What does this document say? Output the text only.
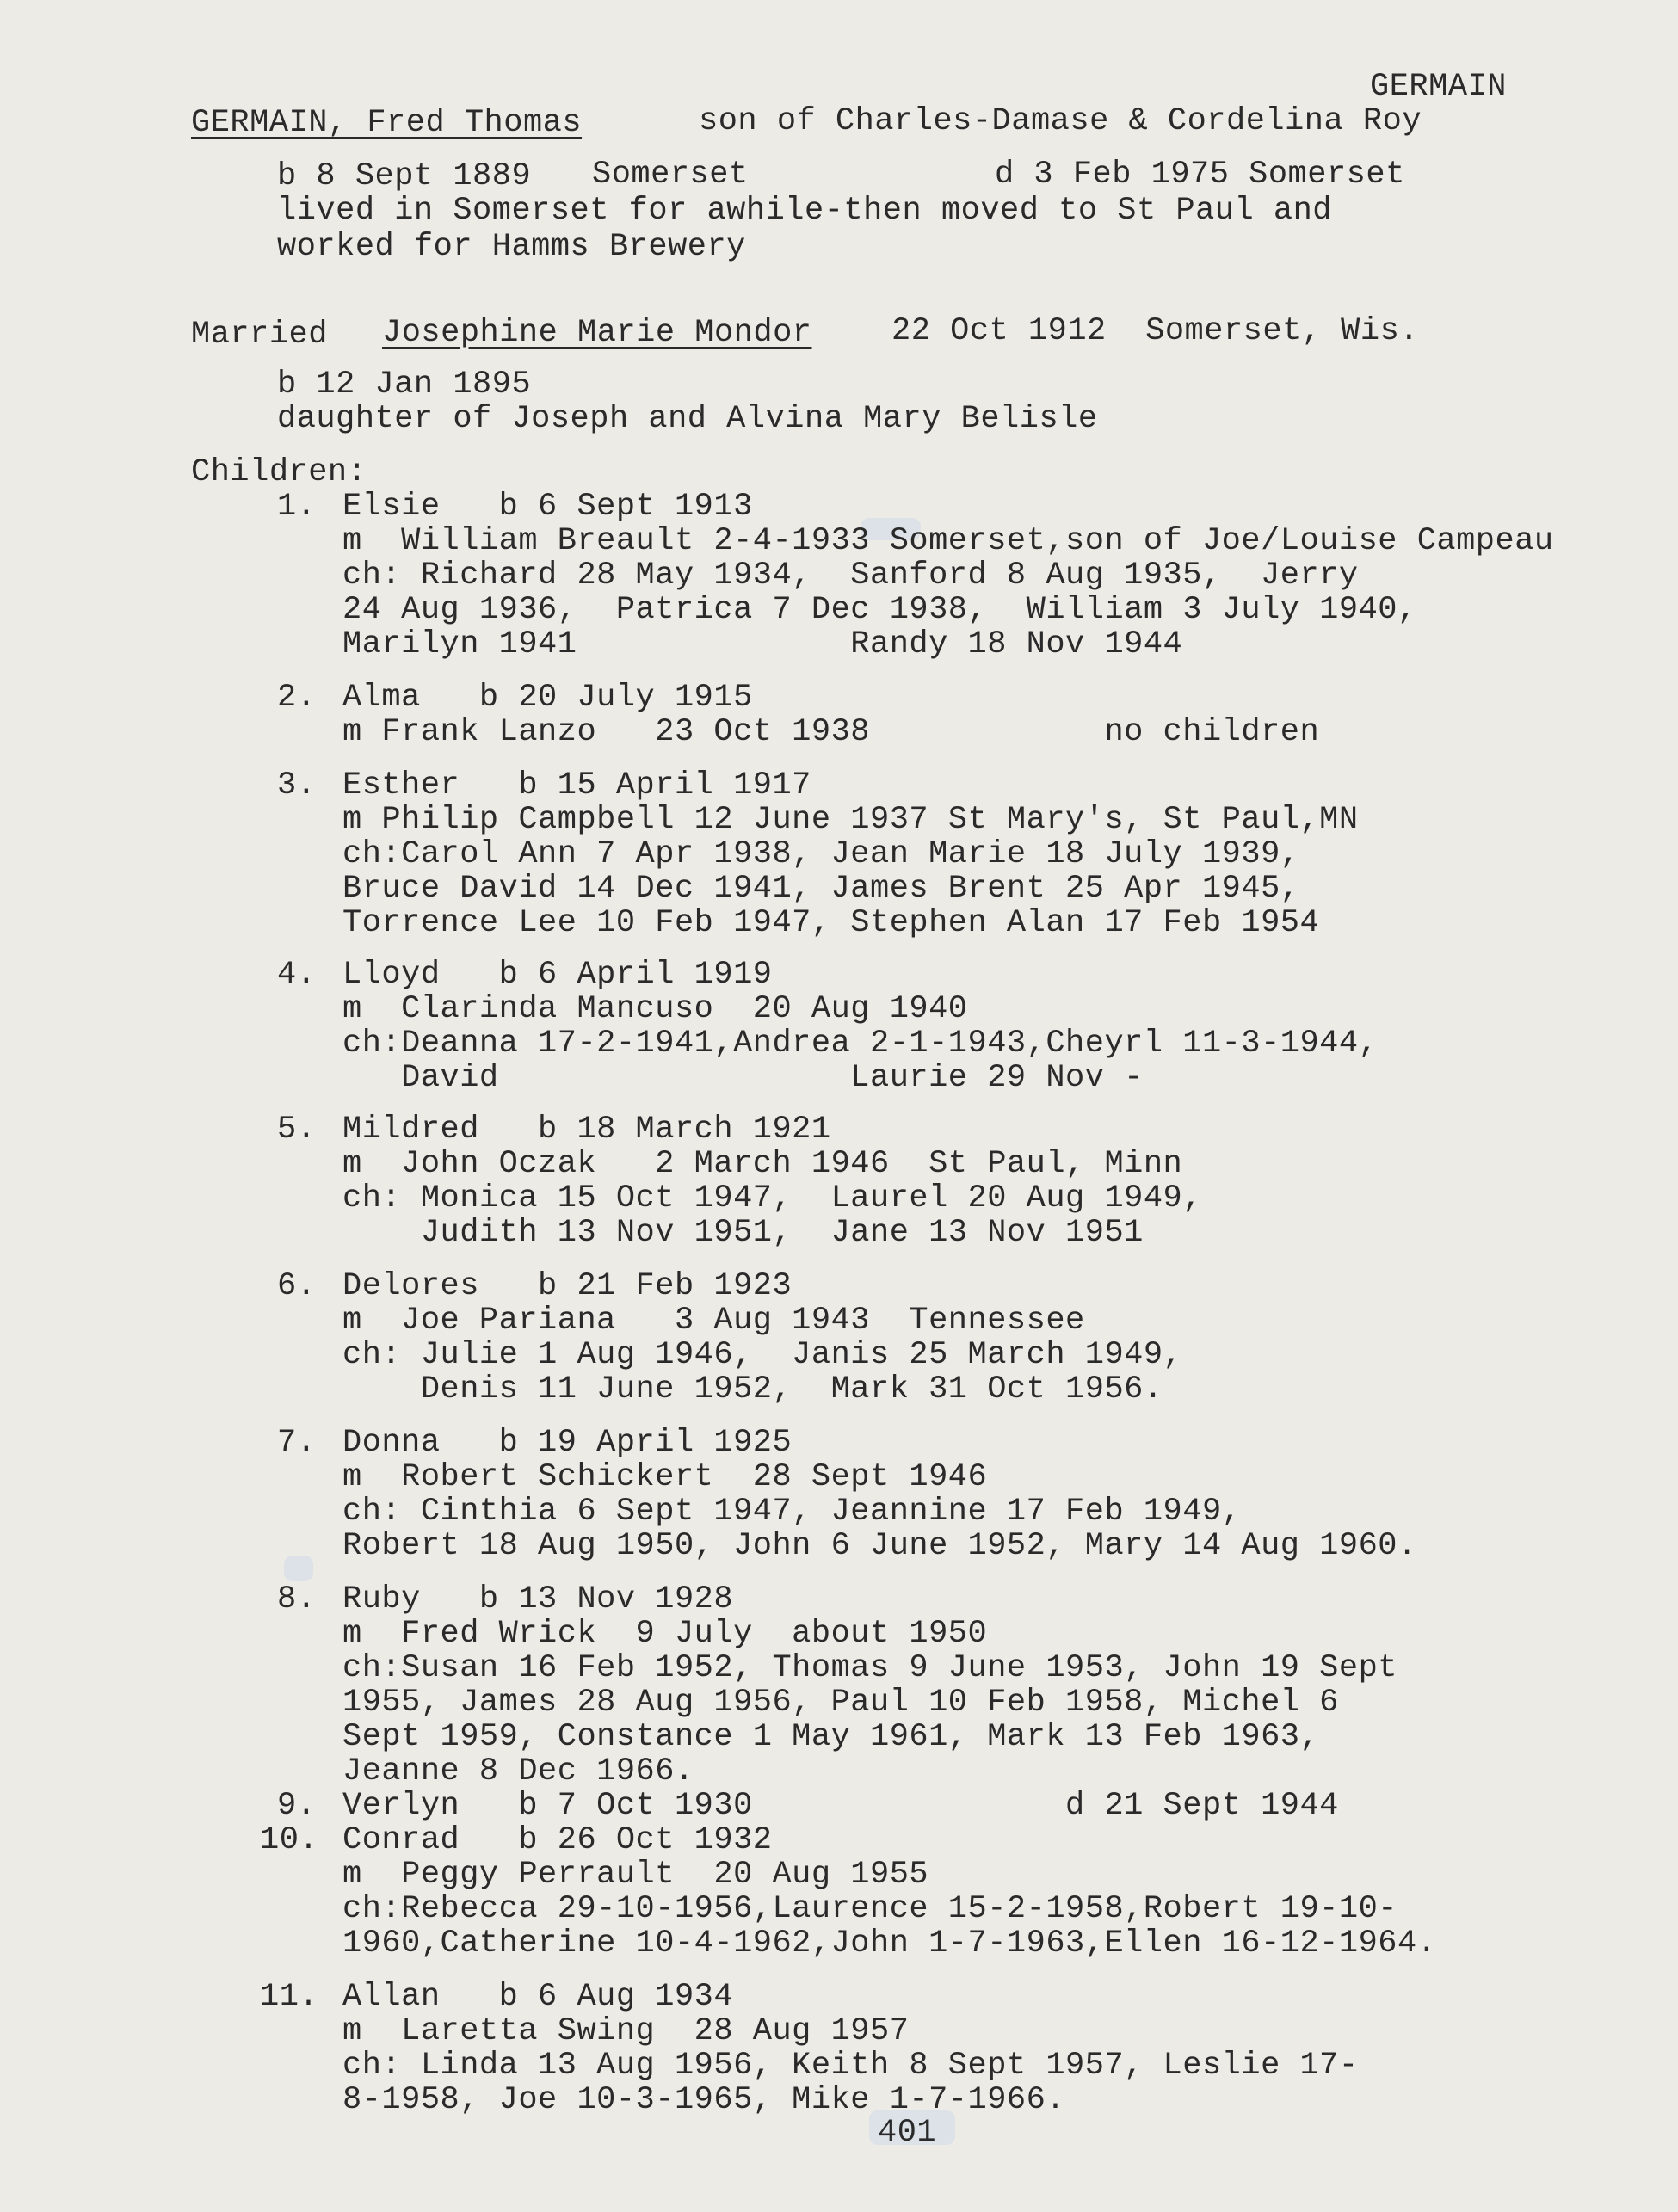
GERMAIN
GERMAIN, Fred Thomas	son of Charles-Damase & Cordelina Roy
b 8 Sept 1889 Somerset	d 3 Feb 1975 Somerset
lived in Somerset for awhile-then moved to St Paul and
worked for Hamms Brewery
Married Josephine Marie Mondor	22 Oct 1912  Somerset, Wis.
b 12 Jan 1895
daughter of Joseph and Alvina Mary Belisle
Children:
1. Elsie   b 6 Sept 1913
m  William Breault 2-4-1933 Somerset,son of Joe/Louise Campeau
ch: Richard 28 May 1934,  Sanford 8 Aug 1935,  Jerry
24 Aug 1936,  Patrica 7 Dec 1938,  William 3 July 1940,
Marilyn 1941              Randy 18 Nov 1944
2. Alma   b 20 July 1915
m Frank Lanzo   23 Oct 1938            no children
3. Esther   b 15 April 1917
m Philip Campbell 12 June 1937 St Mary's, St Paul,MN
ch:Carol Ann 7 Apr 1938, Jean Marie 18 July 1939,
Bruce David 14 Dec 1941, James Brent 25 Apr 1945,
Torrence Lee 10 Feb 1947, Stephen Alan 17 Feb 1954
4. Lloyd   b 6 April 1919
m  Clarinda Mancuso  20 Aug 1940
ch:Deanna 17-2-1941,Andrea 2-1-1943,Cheyrl 11-3-1944,
David                  Laurie 29 Nov -
5. Mildred   b 18 March 1921
m  John Oczak   2 March 1946  St Paul, Minn
ch: Monica 15 Oct 1947,  Laurel 20 Aug 1949,
Judith 13 Nov 1951,  Jane 13 Nov 1951
6. Delores   b 21 Feb 1923
m  Joe Pariana   3 Aug 1943  Tennessee
ch: Julie 1 Aug 1946,  Janis 25 March 1949,
Denis 11 June 1952,  Mark 31 Oct 1956.
7. Donna   b 19 April 1925
m  Robert Schickert  28 Sept 1946
ch: Cinthia 6 Sept 1947, Jeannine 17 Feb 1949,
Robert 18 Aug 1950, John 6 June 1952, Mary 14 Aug 1960.
8. Ruby   b 13 Nov 1928
m  Fred Wrick  9 July  about 1950
ch:Susan 16 Feb 1952, Thomas 9 June 1953, John 19 Sept
1955, James 28 Aug 1956, Paul 10 Feb 1958, Michel 6
Sept 1959, Constance 1 May 1961, Mark 13 Feb 1963,
Jeanne 8 Dec 1966.
9. Verlyn   b 7 Oct 1930                d 21 Sept 1944
10. Conrad   b 26 Oct 1932
m  Peggy Perrault  20 Aug 1955
ch:Rebecca 29-10-1956,Laurence 15-2-1958,Robert 19-10-
1960,Catherine 10-4-1962,John 1-7-1963,Ellen 16-12-1964.
11. Allan   b 6 Aug 1934
m  Laretta Swing  28 Aug 1957
ch: Linda 13 Aug 1956, Keith 8 Sept 1957, Leslie 17-
8-1958, Joe 10-3-1965, Mike 1-7-1966.
401
